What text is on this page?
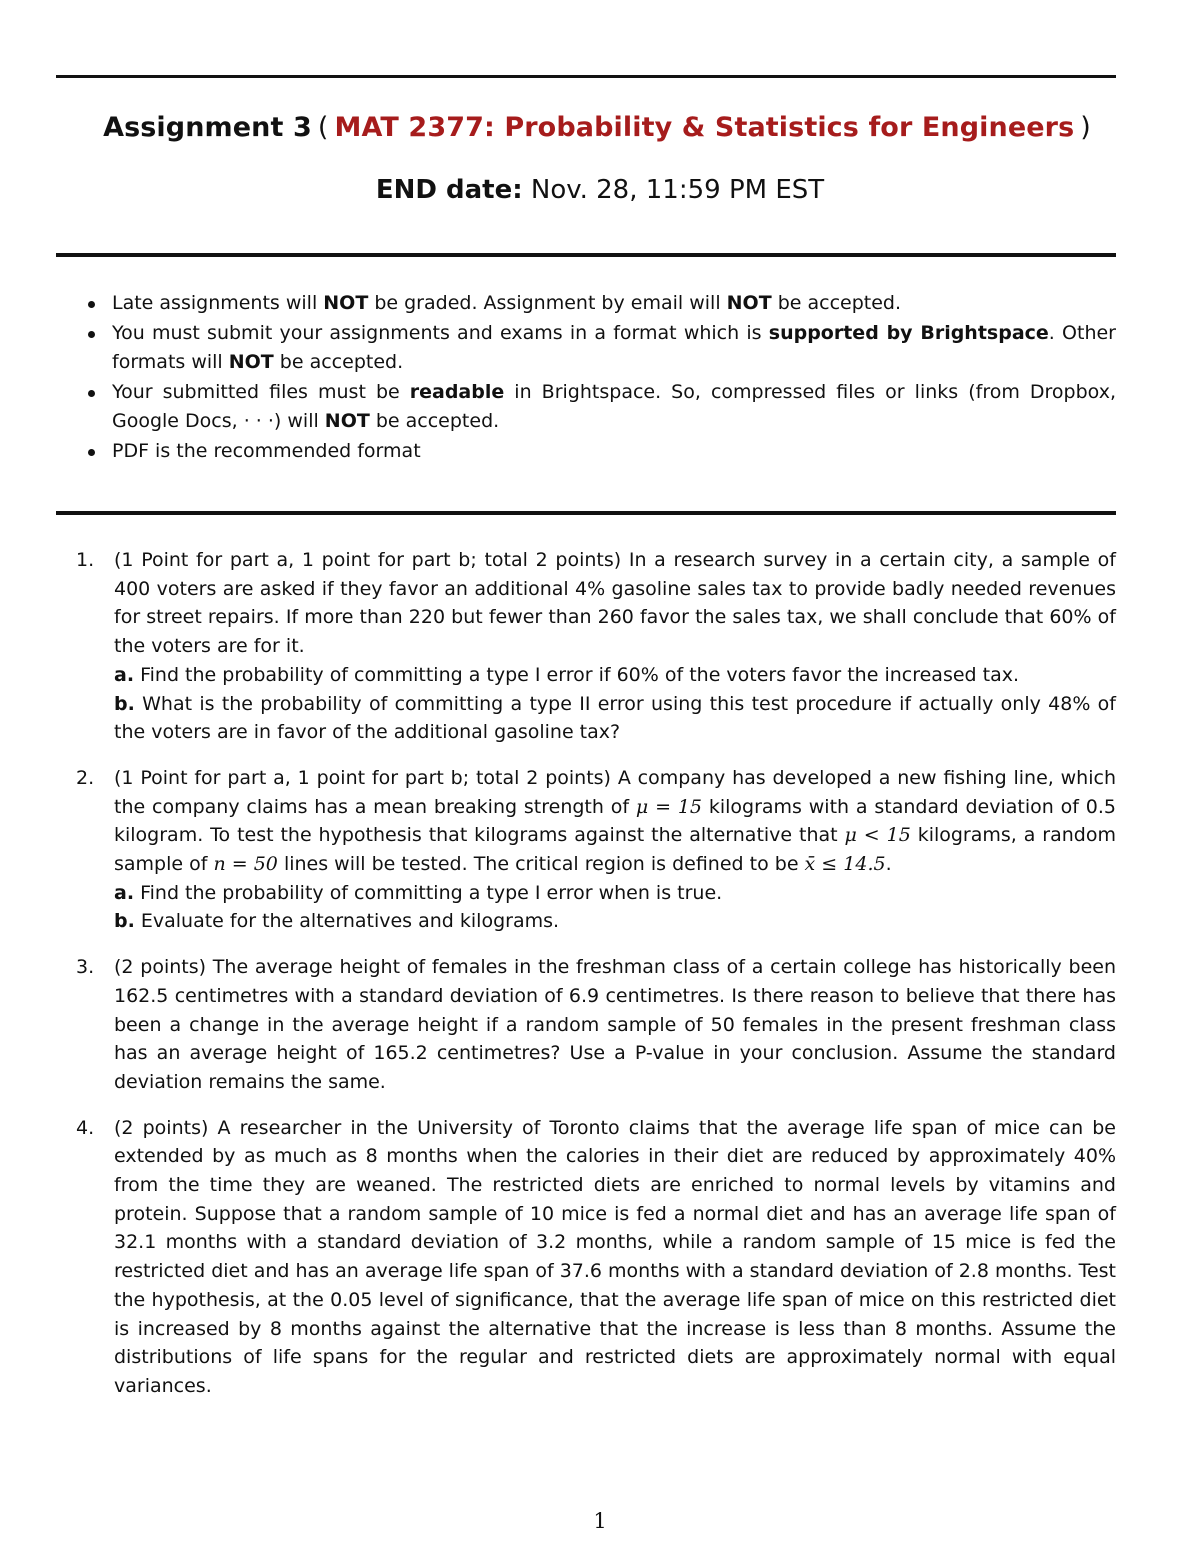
Assignment 3 ( MAT 2377: Probability & Statistics for Engineers )
END date: Nov. 28, 11:59 PM EST
Late assignments will NOT be graded. Assignment by email will NOT be accepted.
You must submit your assignments and exams in a format which is supported by Brightspace. Other formats will NOT be accepted.
Your submitted files must be readable in Brightspace. So, compressed files or links (from Dropbox, Google Docs, · · ·) will NOT be accepted.
PDF is the recommended format
1. (1 Point for part a, 1 point for part b; total 2 points) In a research survey in a certain city, a sample of 400 voters are asked if they favor an additional 4% gasoline sales tax to provide badly needed revenues for street repairs. If more than 220 but fewer than 260 favor the sales tax, we shall conclude that 60% of the voters are for it.
a. Find the probability of committing a type I error if 60% of the voters favor the increased tax.
b. What is the probability of committing a type II error using this test procedure if actually only 48% of the voters are in favor of the additional gasoline tax?
2. (1 Point for part a, 1 point for part b; total 2 points) A company has developed a new fishing line, which the company claims has a mean breaking strength of μ = 15 kilograms with a standard deviation of 0.5 kilogram. To test the hypothesis that kilograms against the alternative that μ < 15 kilograms, a random sample of n = 50 lines will be tested. The critical region is defined to be x̄ ≤ 14.5.
a. Find the probability of committing a type I error when is true.
b. Evaluate for the alternatives and kilograms.
3. (2 points) The average height of females in the freshman class of a certain college has historically been 162.5 centimetres with a standard deviation of 6.9 centimetres. Is there reason to believe that there has been a change in the average height if a random sample of 50 females in the present freshman class has an average height of 165.2 centimetres? Use a P-value in your conclusion. Assume the standard deviation remains the same.
4. (2 points) A researcher in the University of Toronto claims that the average life span of mice can be extended by as much as 8 months when the calories in their diet are reduced by approximately 40% from the time they are weaned. The restricted diets are enriched to normal levels by vitamins and protein. Suppose that a random sample of 10 mice is fed a normal diet and has an average life span of 32.1 months with a standard deviation of 3.2 months, while a random sample of 15 mice is fed the restricted diet and has an average life span of 37.6 months with a standard deviation of 2.8 months. Test the hypothesis, at the 0.05 level of significance, that the average life span of mice on this restricted diet is increased by 8 months against the alternative that the increase is less than 8 months. Assume the distributions of life spans for the regular and restricted diets are approximately normal with equal variances.
1
